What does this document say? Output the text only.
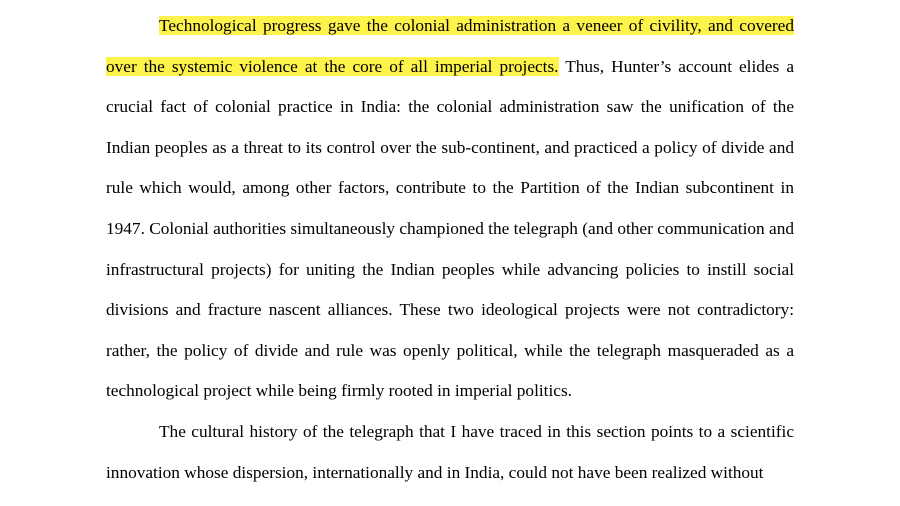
Technological progress gave the colonial administration a veneer of civility, and covered over the systemic violence at the core of all imperial projects. Thus, Hunter’s account elides a crucial fact of colonial practice in India: the colonial administration saw the unification of the Indian peoples as a threat to its control over the sub-continent, and practiced a policy of divide and rule which would, among other factors, contribute to the Partition of the Indian subcontinent in 1947. Colonial authorities simultaneously championed the telegraph (and other communication and infrastructural projects) for uniting the Indian peoples while advancing policies to instill social divisions and fracture nascent alliances. These two ideological projects were not contradictory: rather, the policy of divide and rule was openly political, while the telegraph masqueraded as a technological project while being firmly rooted in imperial politics.

The cultural history of the telegraph that I have traced in this section points to a scientific innovation whose dispersion, internationally and in India, could not have been realized without
